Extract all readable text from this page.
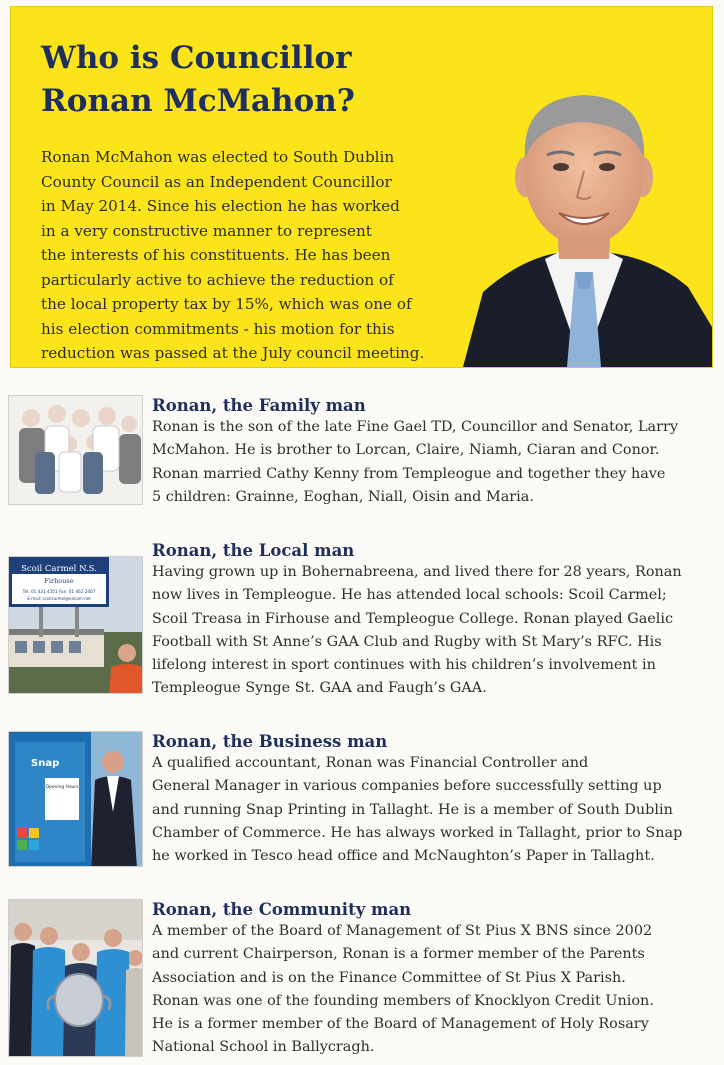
Who is Councillor
Ronan McMahon?

Ronan McMahon was elected to South Dublin
County Council as an Independent Councillor
in May 2014. Since his election he has worked
in a very constructive manner to represent
the interests of his constituents. He has been
particularly active to achieve the reduction of
the local property tax by 15%, which was one of
his election commitments - his motion for this
reduction was passed at the July council meeting.

Ronan, the Family man

Ronan is the son of the late Fine Gael TD, Councillor and Senator, Larry
McMahon. He is brother to Lorcan, Claire, Niamh, Ciaran and Conor.
Ronan married Cathy Kenny from Templeogue and together they have
5 children: Grainne, Eoghan, Niall, Oisin and Maria.

Scoil Carmel N.S.
Firhouse
Tel: 01 431 4351 Fax: 01 462 2407
E-mail: scoilcarmel@eircom.net
Ronan, the Local man

Having grown up in Bohernabreena, and lived there for 28 years, Ronan
now lives in Templeogue. He has attended local schools: Scoil Carmel;
Scoil Treasa in Firhouse and Templeogue College. Ronan played Gaelic
Football with St Anne’s GAA Club and Rugby with St Mary’s RFC. His
lifelong interest in sport continues with his children’s involvement in
Templeogue Synge St. GAA and Faugh’s GAA.

Snap
Opening Hours
Ronan, the Business man

A qualified accountant, Ronan was Financial Controller and
General Manager in various companies before successfully setting up
and running Snap Printing in Tallaght. He is a member of South Dublin
Chamber of Commerce. He has always worked in Tallaght, prior to Snap
he worked in Tesco head office and McNaughton’s Paper in Tallaght.

Ronan, the Community man

A member of the Board of Management of St Pius X BNS since 2002
and current Chairperson, Ronan is a former member of the Parents
Association and is on the Finance Committee of St Pius X Parish.
Ronan was one of the founding members of Knocklyon Credit Union.
He is a former member of the Board of Management of Holy Rosary
National School in Ballycragh.
